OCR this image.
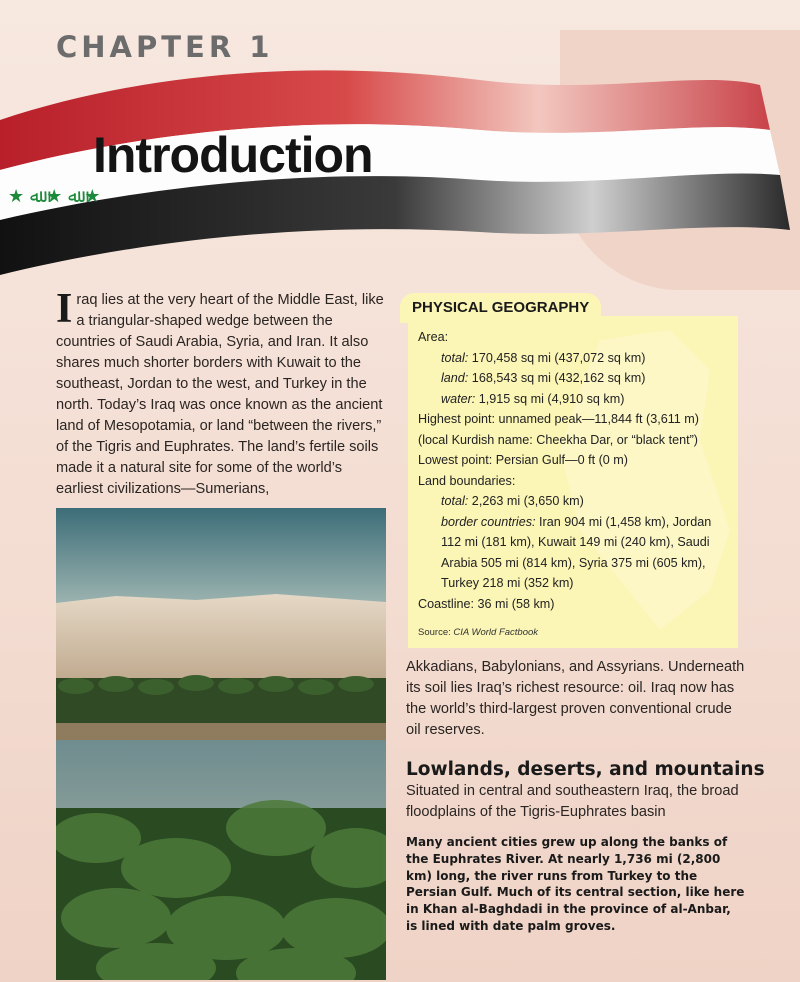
CHAPTER 1
★ ﷲ ★ ﷲ ★
Introduction

Iraq lies at the very heart of the Middle East, like a triangular-shaped wedge between the countries of Saudi Arabia, Syria, and Iran. It also shares much shorter borders with Kuwait to the southeast, Jordan to the west, and Turkey in the north. Today’s Iraq was once known as the ancient land of Mesopotamia, or land “between the rivers,” of the Tigris and Euphrates. The land’s fertile soils made it a natural site for some of the world’s earliest civilizations—Sumerians,

PHYSICAL GEOGRAPHY
Area:
total: 170,458 sq mi (437,072 sq km)
land: 168,543 sq mi (432,162 sq km)
water: 1,915 sq mi (4,910 sq km)
Highest point: unnamed peak—11,844 ft (3,611 m)
(local Kurdish name: Cheekha Dar, or “black tent”)
Lowest point: Persian Gulf—0 ft (0 m)
Land boundaries:
total: 2,263 mi (3,650 km)
border countries: Iran 904 mi (1,458 km), Jordan
112 mi (181 km), Kuwait 149 mi (240 km), Saudi
Arabia 505 mi (814 km), Syria 375 mi (605 km),
Turkey 218 mi (352 km)
Coastline: 36 mi (58 km)

Source: CIA World Factbook

Akkadians, Babylonians, and Assyrians. Underneath its soil lies Iraq’s richest resource: oil. Iraq now has the world’s third-largest proven conventional crude oil reserves.

Lowlands, deserts, and mountains

Situated in central and southeastern Iraq, the broad floodplains of the Tigris-Euphrates basin

Many ancient cities grew up along the banks of the Euphrates River. At nearly 1,736 mi (2,800 km) long, the river runs from Turkey to the Persian Gulf. Much of its central section, like here in Khan al-Baghdadi in the province of al-Anbar, is lined with date palm groves.
